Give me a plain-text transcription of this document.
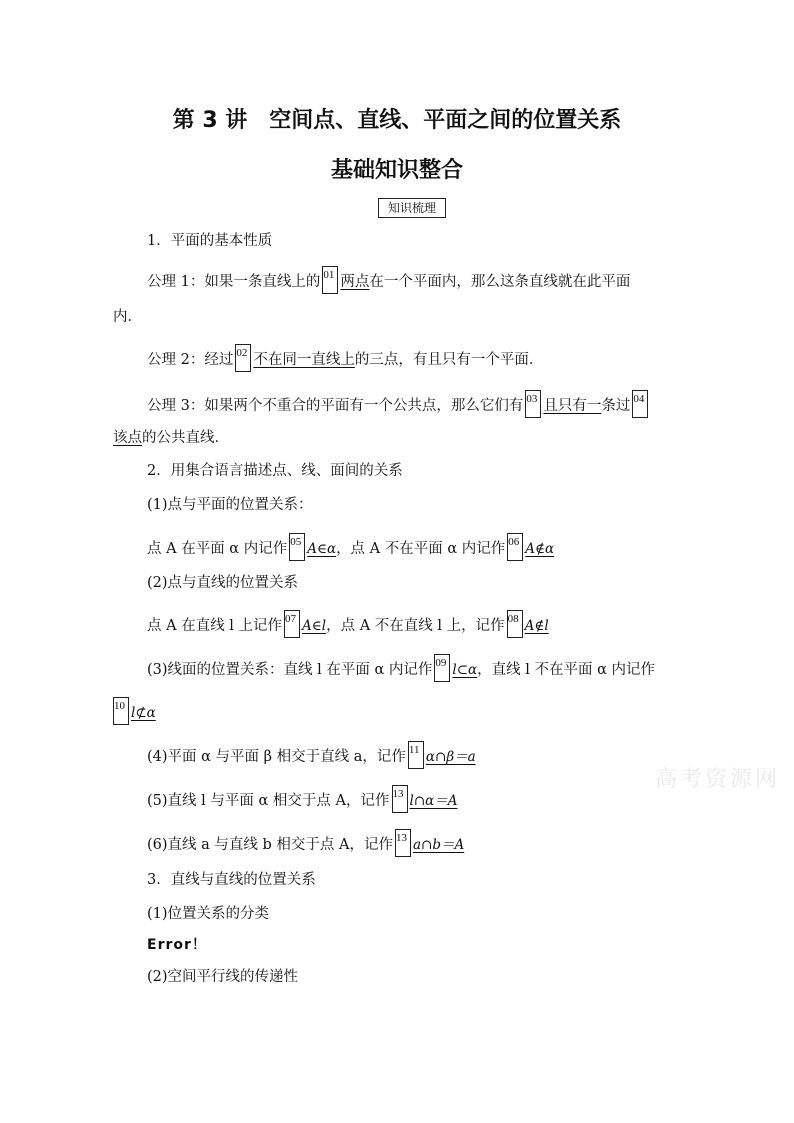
第 3 讲　空间点、直线、平面之间的位置关系
基础知识整合
知识梳理
1．平面的基本性质
公理 1：如果一条直线上的 01 两点在一个平面内，那么这条直线就在此平面
内．
公理 2：经过 02 不在同一直线上的三点，有且只有一个平面．
公理 3：如果两个不重合的平面有一个公共点，那么它们有 03 且只有一条过 04
该点的公共直线．
2．用集合语言描述点、线、面间的关系
(1)点与平面的位置关系：
点 A 在平面 α 内记作 05 A∈α，点 A 不在平面 α 内记作 06 A∉α
(2)点与直线的位置关系
点 A 在直线 l 上记作 07 A∈l，点 A 不在直线 l 上，记作 08 A∉l
(3)线面的位置关系：直线 l 在平面 α 内记作 09 l⊂α，直线 l 不在平面 α 内记作
10 l⊄α
(4)平面 α 与平面 β 相交于直线 a，记作 11 α∩β＝a
(5)直线 l 与平面 α 相交于点 A，记作 13 l∩α＝A
(6)直线 a 与直线 b 相交于点 A，记作 13 a∩b＝A
3．直线与直线的位置关系
(1)位置关系的分类
Error！
(2)空间平行线的传递性
高考资源网
